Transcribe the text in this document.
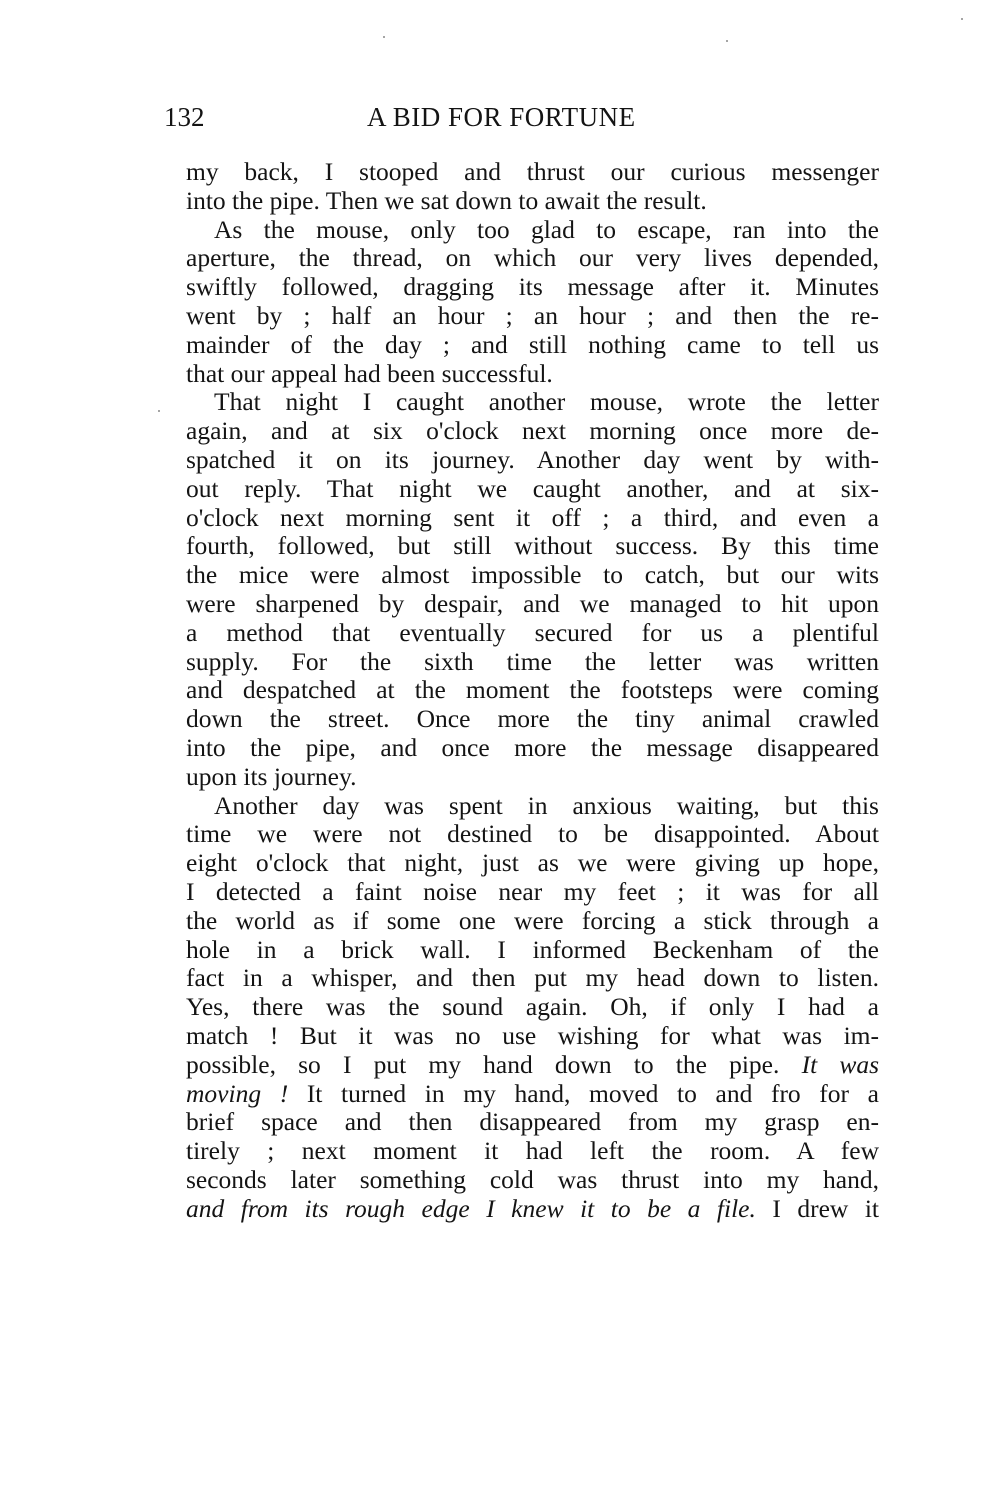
132	A BID FOR FORTUNE
my back, I stooped and thrust our curious messenger
into the pipe. Then we sat down to await the result.
As the mouse, only too glad to escape, ran into the
aperture, the thread, on which our very lives depended,
swiftly followed, dragging its message after it. Minutes
went by ; half an hour ; an hour ; and then the re-
mainder of the day ; and still nothing came to tell us
that our appeal had been successful.
That night I caught another mouse, wrote the letter
again, and at six o'clock next morning once more de-
spatched it on its journey. Another day went by with-
out reply. That night we caught another, and at six-
o'clock next morning sent it off ; a third, and even a
fourth, followed, but still without success. By this time
the mice were almost impossible to catch, but our wits
were sharpened by despair, and we managed to hit upon
a method that eventually secured for us a plentiful
supply. For the sixth time the letter was written
and despatched at the moment the footsteps were coming
down the street. Once more the tiny animal crawled
into the pipe, and once more the message disappeared
upon its journey.
Another day was spent in anxious waiting, but this
time we were not destined to be disappointed. About
eight o'clock that night, just as we were giving up hope,
I detected a faint noise near my feet ; it was for all
the world as if some one were forcing a stick through a
hole in a brick wall. I informed Beckenham of the
fact in a whisper, and then put my head down to listen.
Yes, there was the sound again. Oh, if only I had a
match ! But it was no use wishing for what was im-
possible, so I put my hand down to the pipe. It was
moving ! It turned in my hand, moved to and fro for a
brief space and then disappeared from my grasp en-
tirely ; next moment it had left the room. A few
seconds later something cold was thrust into my hand,
and from its rough edge I knew it to be a file. I drew it
